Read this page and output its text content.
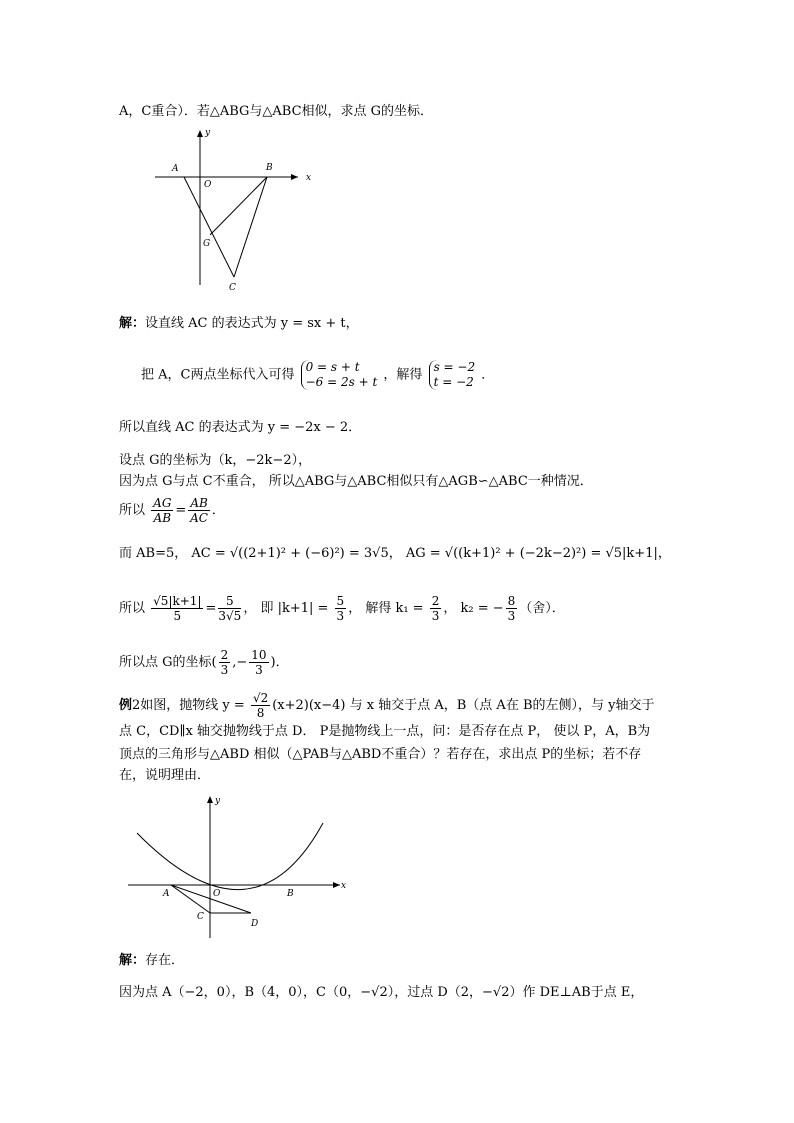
A，C重合）．若△ABG与△ABC相似，求点 G的坐标．
y
A
O
B
x
G
C
解：设直线 AC 的表达式为 y = sx + t，
把 A，C两点坐标代入可得
0 = s + t
−6 = 2s + t ，解得
s = −2
t = −2 ．
所以直线 AC 的表达式为 y = −2x − 2．
设点 G的坐标为（k，−2k−2），
因为点 G与点 C不重合， 所以△ABG与△ABC相似只有△AGB∽△ABC一种情况．
所以 $\frac{AG}{AB} = \frac{AB}{AC}$ ．
而 AB=5， AC = √((2+1)² + (−6)²) = 3√5， AG = √((k+1)² + (−2k−2)²) = √5|k+1|，
所以 $\frac{√5|k+1|}{5} = \frac{5}{3√5}$ ， 即 $|k+1| = \frac{5}{3}$ ， 解得 $k_1 = \frac{2}{3}$ ， k₂ = − $\frac{8}{3}$ （舍）．
所以点 G的坐标( $\frac{2}{3}$ ,− $\frac{10}{3}$ )．
例2如图，抛物线 $y = \frac{√2}{8} (x+2)(x-4)$ 与 x 轴交于点 A，B（点 A在 B的左侧），与 y轴交于
点 C，CD∥x 轴交抛物线于点 D． P是抛物线上一点，问：是否存在点 P， 使以 P，A，B为
顶点的三角形与△ABD 相似（△PAB与△ABD不重合）？若存在，求出点 P的坐标；若不存
在，说明理由．
y
A	O	B
x
C
D
解：存在．
因为点 A（−2，0），B（4，0），C（0，−√2），过点 D（2，−√2）作 DE⊥AB于点 E，
